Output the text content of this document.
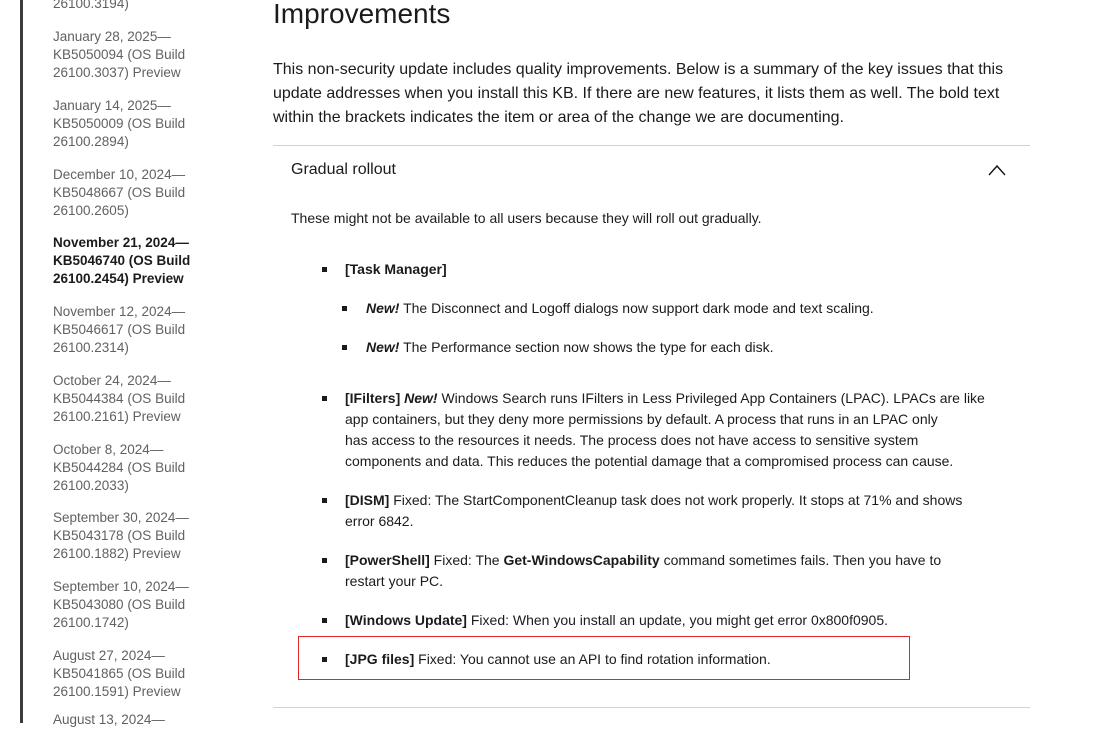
26100.3194)
January 28, 2025—
KB5050094 (OS Build
26100.3037) Preview
January 14, 2025—
KB5050009 (OS Build
26100.2894)
December 10, 2024—
KB5048667 (OS Build
26100.2605)
November 21, 2024—
KB5046740 (OS Build
26100.2454) Preview
November 12, 2024—
KB5046617 (OS Build
26100.2314)
October 24, 2024—
KB5044384 (OS Build
26100.2161) Preview
October 8, 2024—
KB5044284 (OS Build
26100.2033)
September 30, 2024—
KB5043178 (OS Build
26100.1882) Preview
September 10, 2024—
KB5043080 (OS Build
26100.1742)
August 27, 2024—
KB5041865 (OS Build
26100.1591) Preview
August 13, 2024—
Improvements

This non-security update includes quality improvements. Below is a summary of the key issues that this update addresses when you install this KB. If there are new features, it lists them as well. The bold text within the brackets indicates the item or area of the change we are documenting.

Gradual rollout
These might not be available to all users because they will roll out gradually.
[Task Manager]
New! The Disconnect and Logoff dialogs now support dark mode and text scaling.
New! The Performance section now shows the type for each disk.
[IFilters] New! Windows Search runs IFilters in Less Privileged App Containers (LPAC). LPACs are like
app containers, but they deny more permissions by default. A process that runs in an LPAC only
has access to the resources it needs. The process does not have access to sensitive system
components and data. This reduces the potential damage that a compromised process can cause.
[DISM] Fixed: The StartComponentCleanup task does not work properly. It stops at 71% and shows
error 6842.
[PowerShell] Fixed: The Get-WindowsCapability command sometimes fails. Then you have to
restart your PC.
[Windows Update] Fixed: When you install an update, you might get error 0x800f0905.
[JPG files] Fixed: You cannot use an API to find rotation information.
